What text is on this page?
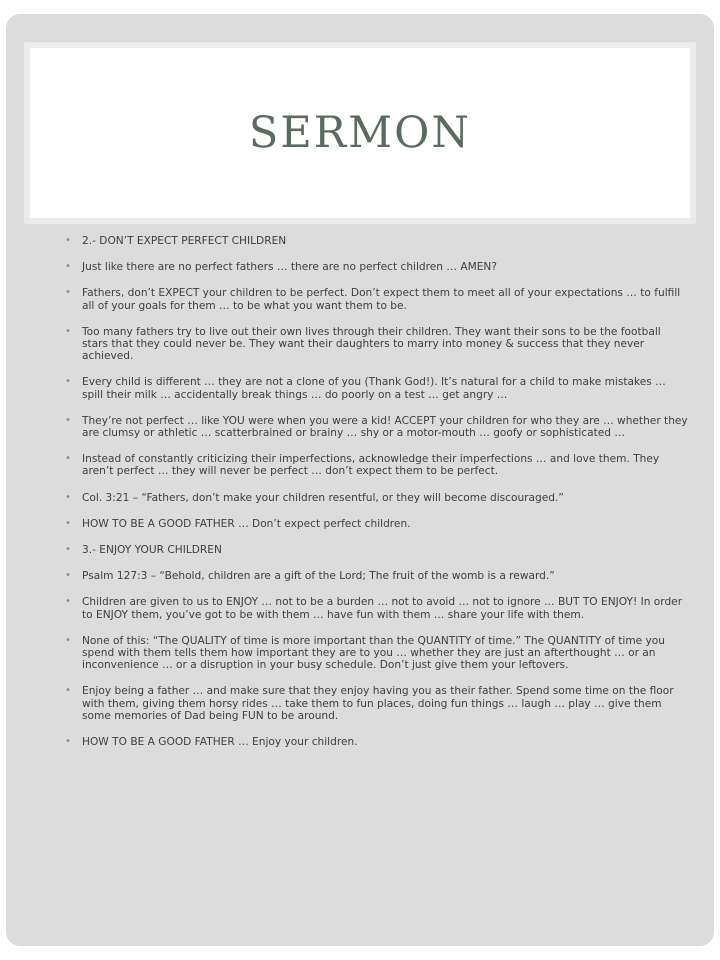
SERMON
• 2.- DON’T EXPECT PERFECT CHILDREN
• Just like there are no perfect fathers … there are no perfect children … AMEN?
• Fathers, don’t EXPECT your children to be perfect. Don’t expect them to meet all of your expectations … to fulfill all of your goals for them … to be what you want them to be.
• Too many fathers try to live out their own lives through their children. They want their sons to be the football stars that they could never be. They want their daughters to marry into money & success that they never achieved.
• Every child is different … they are not a clone of you (Thank God!). It’s natural for a child to make mistakes … spill their milk … accidentally break things … do poorly on a test … get angry …
• They’re not perfect … like YOU were when you were a kid! ACCEPT your children for who they are … whether they are clumsy or athletic … scatterbrained or brainy … shy or a motor-mouth … goofy or sophisticated …
• Instead of constantly criticizing their imperfections, acknowledge their imperfections … and love them. They aren’t perfect … they will never be perfect … don’t expect them to be perfect.
• Col. 3:21 – “Fathers, don’t make your children resentful, or they will become discouraged.”
• HOW TO BE A GOOD FATHER … Don’t expect perfect children.
• 3.- ENJOY YOUR CHILDREN
• Psalm 127:3 – “Behold, children are a gift of the Lord; The fruit of the womb is a reward.”
• Children are given to us to ENJOY … not to be a burden … not to avoid … not to ignore … BUT TO ENJOY! In order to ENJOY them, you’ve got to be with them … have fun with them … share your life with them.
• None of this: “The QUALITY of time is more important than the QUANTITY of time.” The QUANTITY of time you spend with them tells them how important they are to you … whether they are just an afterthought … or an inconvenience … or a disruption in your busy schedule. Don’t just give them your leftovers.
• Enjoy being a father … and make sure that they enjoy having you as their father. Spend some time on the floor with them, giving them horsy rides … take them to fun places, doing fun things … laugh … play … give them some memories of Dad being FUN to be around.
• HOW TO BE A GOOD FATHER … Enjoy your children.
